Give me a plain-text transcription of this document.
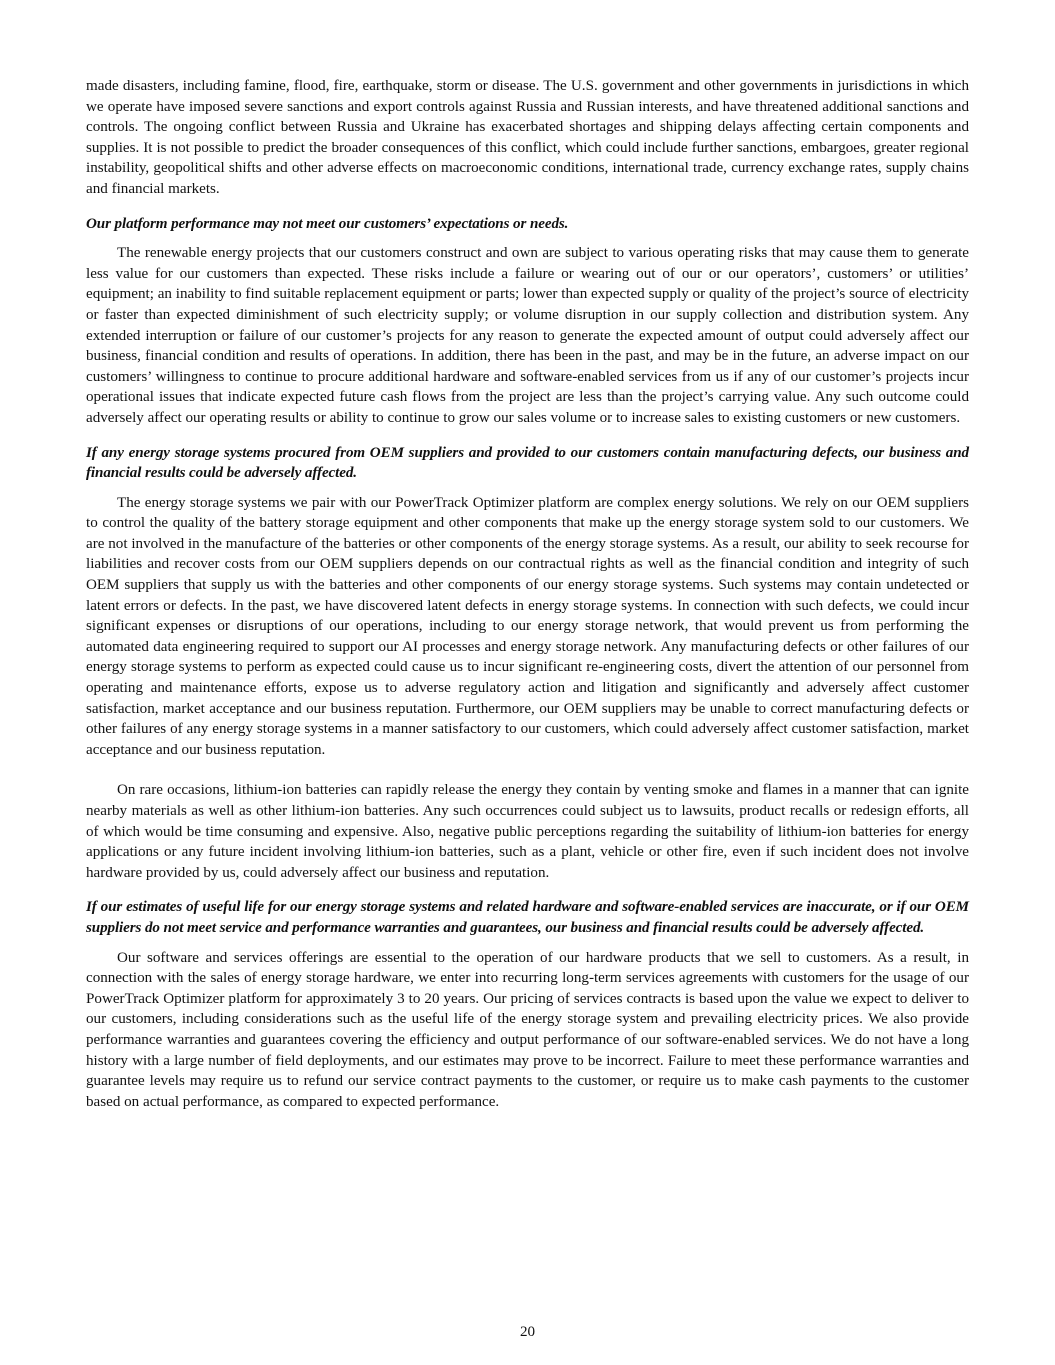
made disasters, including famine, flood, fire, earthquake, storm or disease. The U.S. government and other governments in jurisdictions in which we operate have imposed severe sanctions and export controls against Russia and Russian interests, and have threatened additional sanctions and controls. The ongoing conflict between Russia and Ukraine has exacerbated shortages and shipping delays affecting certain components and supplies. It is not possible to predict the broader consequences of this conflict, which could include further sanctions, embargoes, greater regional instability, geopolitical shifts and other adverse effects on macroeconomic conditions, international trade, currency exchange rates, supply chains and financial markets.

Our platform performance may not meet our customers’ expectations or needs.

The renewable energy projects that our customers construct and own are subject to various operating risks that may cause them to generate less value for our customers than expected. These risks include a failure or wearing out of our or our operators’, customers’ or utilities’ equipment; an inability to find suitable replacement equipment or parts; lower than expected supply or quality of the project’s source of electricity or faster than expected diminishment of such electricity supply; or volume disruption in our supply collection and distribution system. Any extended interruption or failure of our customer’s projects for any reason to generate the expected amount of output could adversely affect our business, financial condition and results of operations. In addition, there has been in the past, and may be in the future, an adverse impact on our customers’ willingness to continue to procure additional hardware and software-enabled services from us if any of our customer’s projects incur operational issues that indicate expected future cash flows from the project are less than the project’s carrying value. Any such outcome could adversely affect our operating results or ability to continue to grow our sales volume or to increase sales to existing customers or new customers.

If any energy storage systems procured from OEM suppliers and provided to our customers contain manufacturing defects, our business and financial results could be adversely affected.

The energy storage systems we pair with our PowerTrack Optimizer platform are complex energy solutions. We rely on our OEM suppliers to control the quality of the battery storage equipment and other components that make up the energy storage system sold to our customers. We are not involved in the manufacture of the batteries or other components of the energy storage systems. As a result, our ability to seek recourse for liabilities and recover costs from our OEM suppliers depends on our contractual rights as well as the financial condition and integrity of such OEM suppliers that supply us with the batteries and other components of our energy storage systems. Such systems may contain undetected or latent errors or defects. In the past, we have discovered latent defects in energy storage systems. In connection with such defects, we could incur significant expenses or disruptions of our operations, including to our energy storage network, that would prevent us from performing the automated data engineering required to support our AI processes and energy storage network. Any manufacturing defects or other failures of our energy storage systems to perform as expected could cause us to incur significant re-engineering costs, divert the attention of our personnel from operating and maintenance efforts, expose us to adverse regulatory action and litigation and significantly and adversely affect customer satisfaction, market acceptance and our business reputation. Furthermore, our OEM suppliers may be unable to correct manufacturing defects or other failures of any energy storage systems in a manner satisfactory to our customers, which could adversely affect customer satisfaction, market acceptance and our business reputation.

On rare occasions, lithium-ion batteries can rapidly release the energy they contain by venting smoke and flames in a manner that can ignite nearby materials as well as other lithium-ion batteries. Any such occurrences could subject us to lawsuits, product recalls or redesign efforts, all of which would be time consuming and expensive. Also, negative public perceptions regarding the suitability of lithium-ion batteries for energy applications or any future incident involving lithium-ion batteries, such as a plant, vehicle or other fire, even if such incident does not involve hardware provided by us, could adversely affect our business and reputation.

If our estimates of useful life for our energy storage systems and related hardware and software-enabled services are inaccurate, or if our OEM suppliers do not meet service and performance warranties and guarantees, our business and financial results could be adversely affected.

Our software and services offerings are essential to the operation of our hardware products that we sell to customers. As a result, in connection with the sales of energy storage hardware, we enter into recurring long-term services agreements with customers for the usage of our PowerTrack Optimizer platform for approximately 3 to 20 years. Our pricing of services contracts is based upon the value we expect to deliver to our customers, including considerations such as the useful life of the energy storage system and prevailing electricity prices. We also provide performance warranties and guarantees covering the efficiency and output performance of our software-enabled services. We do not have a long history with a large number of field deployments, and our estimates may prove to be incorrect. Failure to meet these performance warranties and guarantee levels may require us to refund our service contract payments to the customer, or require us to make cash payments to the customer based on actual performance, as compared to expected performance.

20
